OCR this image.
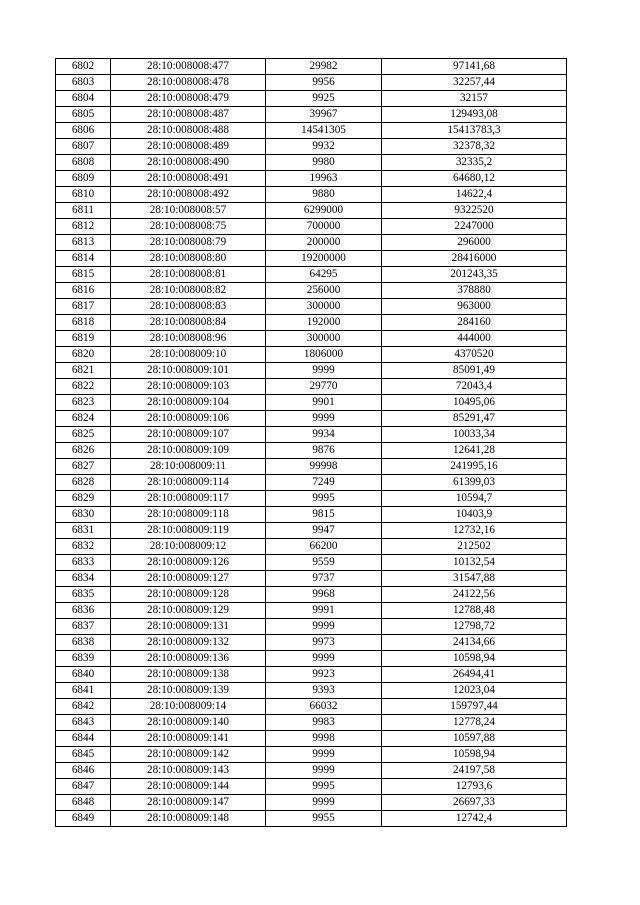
6802	28:10:008008:477	29982	97141,68
6803	28:10:008008:478	9956	32257,44
6804	28:10:008008:479	9925	32157
6805	28:10:008008:487	39967	129493,08
6806	28:10:008008:488	14541305	15413783,3
6807	28:10:008008:489	9932	32378,32
6808	28:10:008008:490	9980	32335,2
6809	28:10:008008:491	19963	64680,12
6810	28:10:008008:492	9880	14622,4
6811	28:10:008008:57	6299000	9322520
6812	28:10:008008:75	700000	2247000
6813	28:10:008008:79	200000	296000
6814	28:10:008008:80	19200000	28416000
6815	28:10:008008:81	64295	201243,35
6816	28:10:008008:82	256000	378880
6817	28:10:008008:83	300000	963000
6818	28:10:008008:84	192000	284160
6819	28:10:008008:96	300000	444000
6820	28:10:008009:10	1806000	4370520
6821	28:10:008009:101	9999	85091,49
6822	28:10:008009:103	29770	72043,4
6823	28:10:008009:104	9901	10495,06
6824	28:10:008009:106	9999	85291,47
6825	28:10:008009:107	9934	10033,34
6826	28:10:008009:109	9876	12641,28
6827	28:10:008009:11	99998	241995,16
6828	28:10:008009:114	7249	61399,03
6829	28:10:008009:117	9995	10594,7
6830	28:10:008009:118	9815	10403,9
6831	28:10:008009:119	9947	12732,16
6832	28:10:008009:12	66200	212502
6833	28:10:008009:126	9559	10132,54
6834	28:10:008009:127	9737	31547,88
6835	28:10:008009:128	9968	24122,56
6836	28:10:008009:129	9991	12788,48
6837	28:10:008009:131	9999	12798,72
6838	28:10:008009:132	9973	24134,66
6839	28:10:008009:136	9999	10598,94
6840	28:10:008009:138	9923	26494,41
6841	28:10:008009:139	9393	12023,04
6842	28:10:008009:14	66032	159797,44
6843	28:10:008009:140	9983	12778,24
6844	28:10:008009:141	9998	10597,88
6845	28:10:008009:142	9999	10598,94
6846	28:10:008009:143	9999	24197,58
6847	28:10:008009:144	9995	12793,6
6848	28:10:008009:147	9999	26697,33
6849	28:10:008009:148	9955	12742,4
